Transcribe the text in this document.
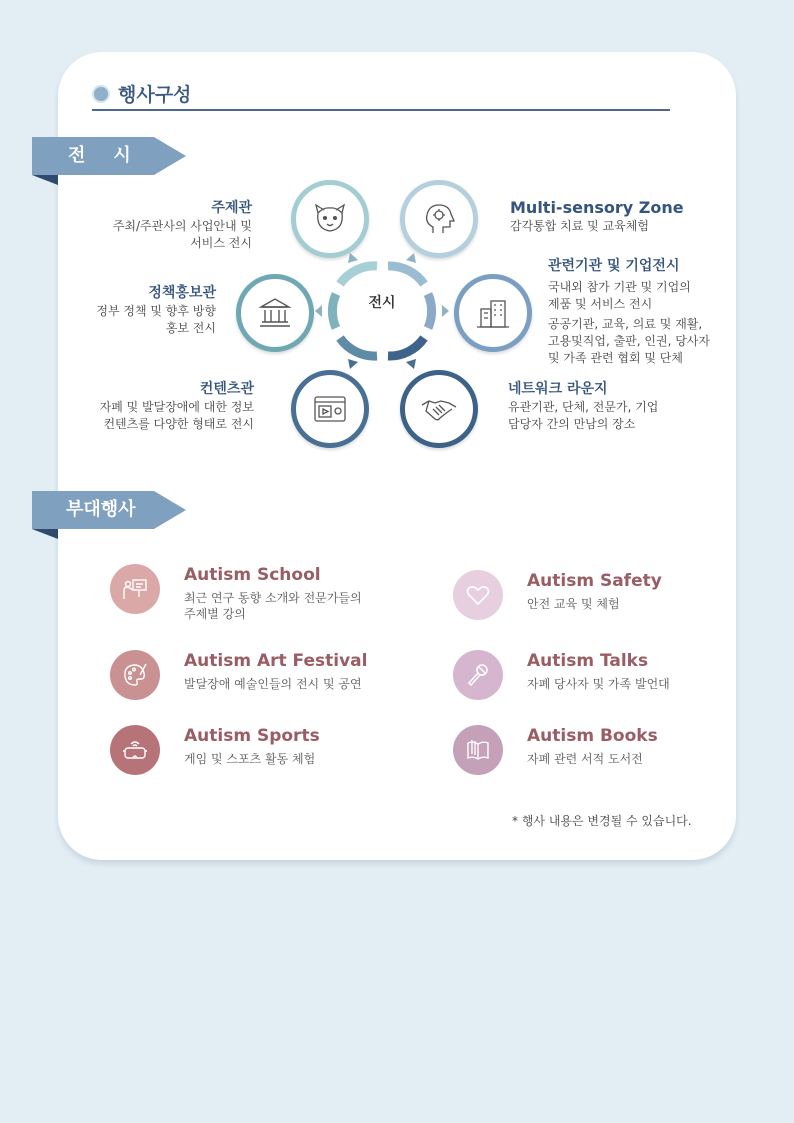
행사구성
전시
전시
주제관
주최/주관사의 사업안내 및
서비스 전시
Multi-sensory Zone
감각통합 치료 및 교육체험
정책홍보관
정부 정책 및 향후 방향
홍보 전시
관련기관 및 기업전시
국내외 참가 기관 및 기업의
제품 및 서비스 전시
공공기관, 교육, 의료 및 재활,
고용및직업, 출판, 인권, 당사자
및 가족 관련 협회 및 단체
컨텐츠관
자폐 및 발달장애에 대한 정보
컨텐츠를 다양한 형태로 전시
네트워크 라운지
유관기관, 단체, 전문가, 기업
담당자 간의 만남의 장소
부대행사
Autism School
최근 연구 동향 소개와 전문가들의
주제별 강의
Autism Safety
안전 교육 및 체험
Autism Art Festival
발달장애 예술인들의 전시 및 공연
Autism Talks
자폐 당사자 및 가족 발언대
Autism Sports
게임 및 스포츠 활동 체험
Autism Books
자폐 관련 서적 도서전
* 행사 내용은 변경될 수 있습니다.
